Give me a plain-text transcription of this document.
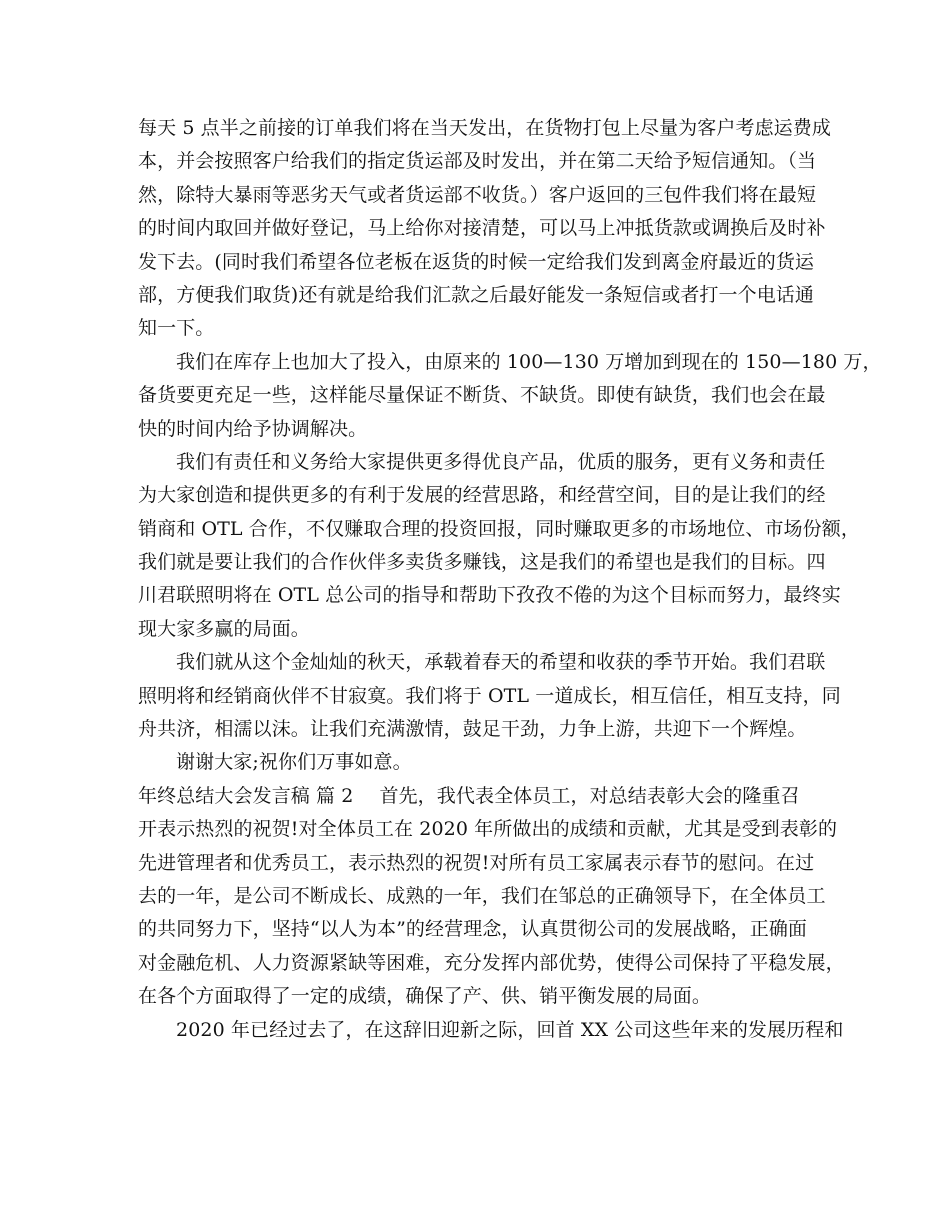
每天 5 点半之前接的订单我们将在当天发出，在货物打包上尽量为客户考虑运费成
本，并会按照客户给我们的指定货运部及时发出，并在第二天给予短信通知。（当
然，除特大暴雨等恶劣天气或者货运部不收货。）客户返回的三包件我们将在最短
的时间内取回并做好登记，马上给你对接清楚，可以马上冲抵货款或调换后及时补
发下去。(同时我们希望各位老板在返货的时候一定给我们发到离金府最近的货运
部，方便我们取货)还有就是给我们汇款之后最好能发一条短信或者打一个电话通
知一下。
我们在库存上也加大了投入，由原来的 100—130 万增加到现在的 150—180 万，
备货要更充足一些，这样能尽量保证不断货、不缺货。即使有缺货，我们也会在最
快的时间内给予协调解决。
我们有责任和义务给大家提供更多得优良产品，优质的服务，更有义务和责任
为大家创造和提供更多的有利于发展的经营思路，和经营空间，目的是让我们的经
销商和 OTL 合作，不仅赚取合理的投资回报，同时赚取更多的市场地位、市场份额，
我们就是要让我们的合作伙伴多卖货多赚钱，这是我们的希望也是我们的目标。四
川君联照明将在 OTL 总公司的指导和帮助下孜孜不倦的为这个目标而努力，最终实
现大家多赢的局面。
我们就从这个金灿灿的秋天，承载着春天的希望和收获的季节开始。我们君联
照明将和经销商伙伴不甘寂寞。我们将于 OTL 一道成长，相互信任，相互支持，同
舟共济，相濡以沫。让我们充满激情，鼓足干劲，力争上游，共迎下一个辉煌。
谢谢大家;祝你们万事如意。
年终总结大会发言稿 篇 2 首先，我代表全体员工，对总结表彰大会的隆重召
开表示热烈的祝贺!对全体员工在 2020 年所做出的成绩和贡献，尤其是受到表彰的
先进管理者和优秀员工，表示热烈的祝贺!对所有员工家属表示春节的慰问。在过
去的一年，是公司不断成长、成熟的一年，我们在邹总的正确领导下，在全体员工
的共同努力下，坚持“以人为本”的经营理念，认真贯彻公司的发展战略，正确面
对金融危机、人力资源紧缺等困难，充分发挥内部优势，使得公司保持了平稳发展，
在各个方面取得了一定的成绩，确保了产、供、销平衡发展的局面。
2020 年已经过去了，在这辞旧迎新之际，回首 XX 公司这些年来的发展历程和
